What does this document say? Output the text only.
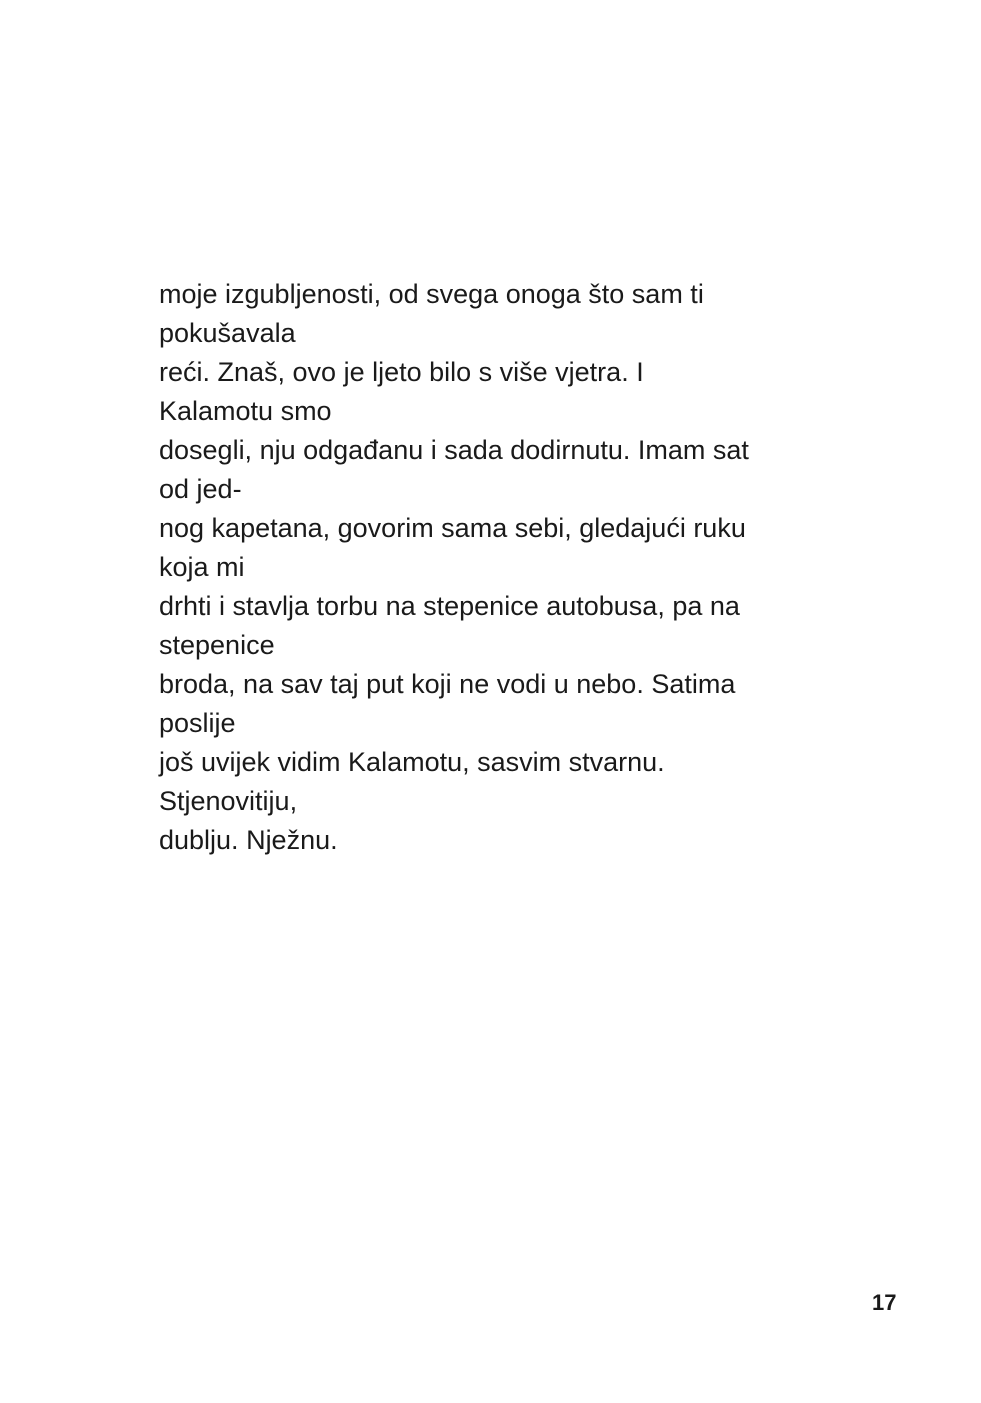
moje izgubljenosti, od svega onoga što sam ti
pokušavala
reći. Znaš, ovo je ljeto bilo s više vjetra. I
Kalamotu smo
dosegli, nju odgađanu i sada dodirnutu. Imam sat
od jed-
nog kapetana, govorim sama sebi, gledajući ruku
koja mi
drhti i stavlja torbu na stepenice autobusa, pa na
stepenice
broda, na sav taj put koji ne vodi u nebo. Satima
poslije
još uvijek vidim Kalamotu, sasvim stvarnu.
Stjenovitiju,
dublju. Nježnu.
17
